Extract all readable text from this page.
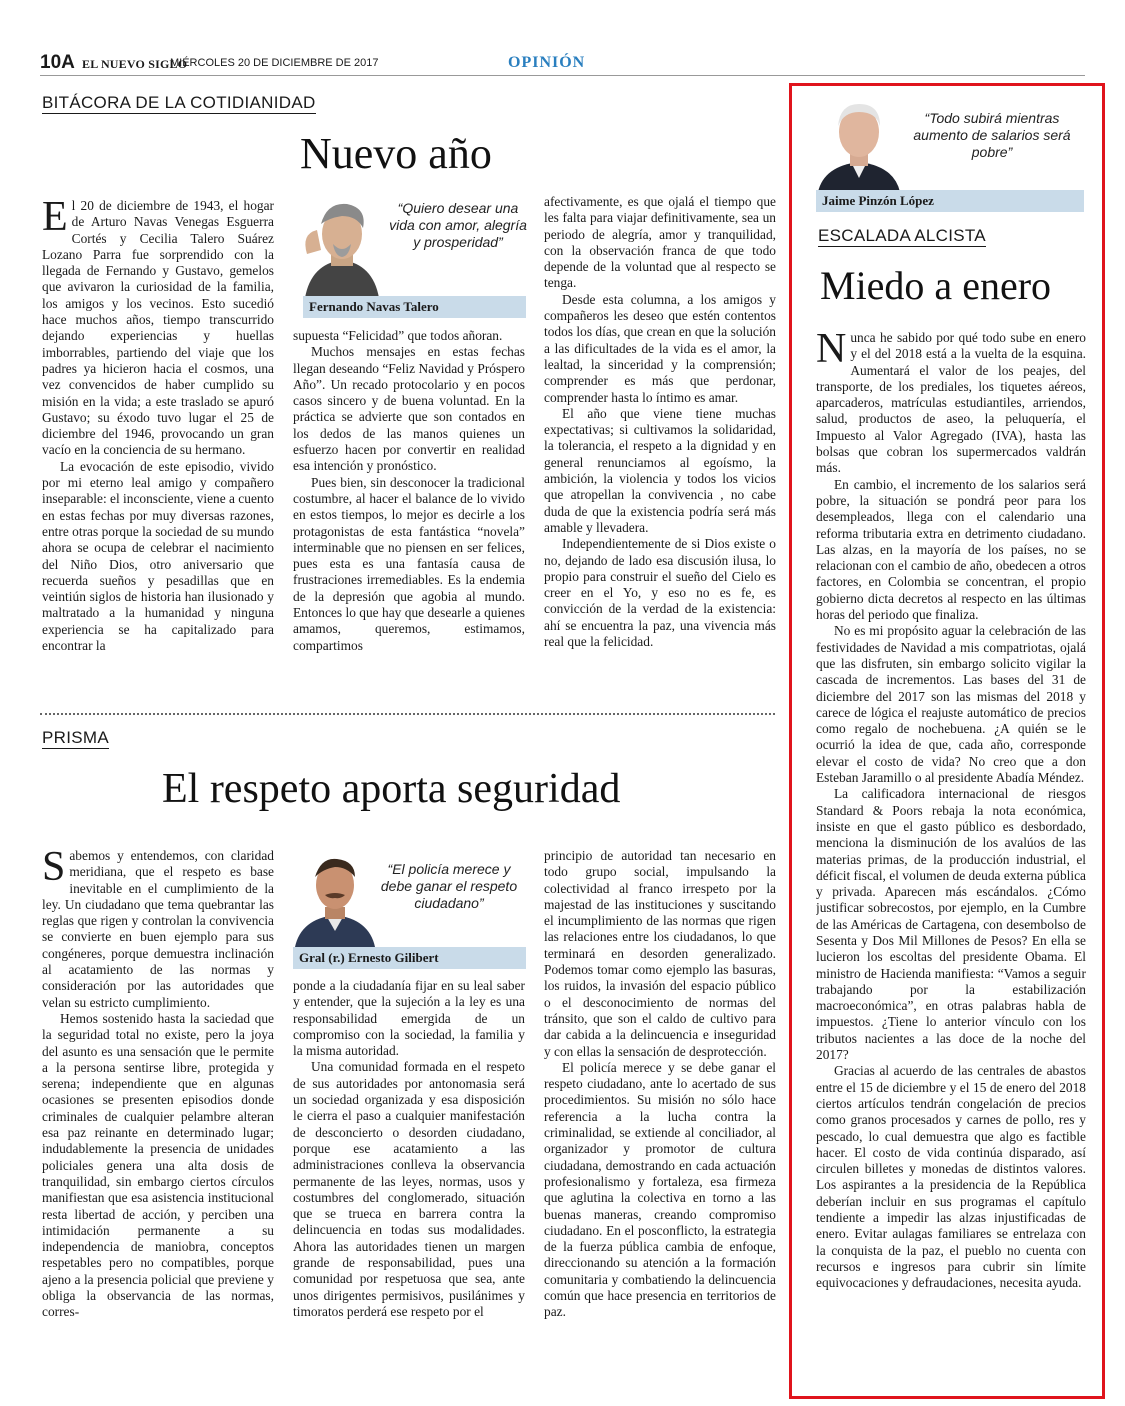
10A EL NUEVO SIGLO
MIÉRCOLES 20 DE DICIEMBRE DE 2017	OPINIÓN
BITÁCORA DE LA COTIDIANIDAD
Nuevo año

El 20 de diciembre de 1943, el hogar de Arturo Navas Venegas Esguerra Cortés y Cecilia Talero Suárez Lozano Parra fue sorprendido con la llegada de Fernando y Gustavo, gemelos que avivaron la curiosidad de la familia, los amigos y los vecinos. Esto sucedió hace muchos años, tiempo transcurrido dejando experiencias y huellas imborrables, partiendo del viaje que los padres ya hicieron hacia el cosmos, una vez convencidos de haber cumplido su misión en la vida; a este traslado se apuró Gustavo; su éxodo tuvo lugar el 25 de diciembre del 1946, provocando un gran vacío en la conciencia de su hermano.

La evocación de este episodio, vivido por mi eterno leal amigo y compañero inseparable: el inconsciente, viene a cuento en estas fechas por muy diversas razones, entre otras porque la sociedad de su mundo ahora se ocupa de celebrar el nacimiento del Niño Dios, otro aniversario que recuerda sueños y pesadillas que en veintiún siglos de historia han ilusionado y maltratado a la humanidad y ninguna experiencia se ha capitalizado para encontrar la

“Quiero desear una vida con amor, alegría y prosperidad”
Fernando Navas Talero

supuesta “Felicidad” que todos añoran.

Muchos mensajes en estas fechas llegan deseando “Feliz Navidad y Próspero Año”. Un recado protocolario y en pocos casos sincero y de buena voluntad. En la práctica se advierte que son contados en los dedos de las manos quienes un esfuerzo hacen por convertir en realidad esa intención y pronóstico.

Pues bien, sin desconocer la tradicional costumbre, al hacer el balance de lo vivido en estos tiempos, lo mejor es decirle a los protagonistas de esta fantástica “novela” interminable que no piensen en ser felices, pues esta es una fantasía causa de frustraciones irremediables. Es la endemia de la depresión que agobia al mundo. Entonces lo que hay que desearle a quienes amamos, queremos, estimamos, compartimos

afectivamente, es que ojalá el tiempo que les falta para viajar definitivamente, sea un periodo de alegría, amor y tranquilidad, con la observación franca de que todo depende de la voluntad que al respecto se tenga.

Desde esta columna, a los amigos y compañeros les deseo que estén contentos todos los días, que crean en que la solución a las dificultades de la vida es el amor, la lealtad, la sinceridad y la comprensión; comprender es más que perdonar, comprender hasta lo íntimo es amar.

El año que viene tiene muchas expectativas; si cultivamos la solidaridad, la tolerancia, el respeto a la dignidad y en general renunciamos al egoísmo, la ambición, la violencia y todos los vicios que atropellan la convivencia , no cabe duda de que la existencia podría será más amable y llevadera.

Independientemente de si Dios existe o no, dejando de lado esa discusión ilusa, lo propio para construir el sueño del Cielo es creer en el Yo, y eso no es fe, es convicción de la verdad de la existencia: ahí se encuentra la paz, una vivencia más real que la felicidad.

PRISMA
El respeto aporta seguridad

Sabemos y entendemos, con claridad meridiana, que el respeto es base inevitable en el cumplimiento de la ley. Un ciudadano que tema quebrantar las reglas que rigen y controlan la convivencia se convierte en buen ejemplo para sus congéneres, porque demuestra inclinación al acatamiento de las normas y consideración por las autoridades que velan su estricto cumplimiento.

Hemos sostenido hasta la saciedad que la seguridad total no existe, pero la joya del asunto es una sensación que le permite a la persona sentirse libre, protegida y serena; independiente que en algunas ocasiones se presenten episodios donde criminales de cualquier pelambre alteran esa paz reinante en determinado lugar; indudablemente la presencia de unidades policiales genera una alta dosis de tranquilidad, sin embargo ciertos círculos manifiestan que esa asistencia institucional resta libertad de acción, y perciben una intimidación permanente a su independencia de maniobra, conceptos respetables pero no compatibles, porque ajeno a la presencia policial que previene y obliga la observancia de las normas, corres-

“El policía merece y debe ganar el respeto ciudadano”
Gral (r.) Ernesto Gilibert

ponde a la ciudadanía fijar en su leal saber y entender, que la sujeción a la ley es una responsabilidad emergida de un compromiso con la sociedad, la familia y la misma autoridad.

Una comunidad formada en el respeto de sus autoridades por antonomasia será un sociedad organizada y esa disposición le cierra el paso a cualquier manifestación de desconcierto o desorden ciudadano, porque ese acatamiento a las administraciones conlleva la observancia permanente de las leyes, normas, usos y costumbres del conglomerado, situación que se trueca en barrera contra la delincuencia en todas sus modalidades. Ahora las autoridades tienen un margen grande de responsabilidad, pues una comunidad por respetuosa que sea, ante unos dirigentes permisivos, pusilánimes y timoratos perderá ese respeto por el

principio de autoridad tan necesario en todo grupo social, impulsando la colectividad al franco irrespeto por la majestad de las instituciones y suscitando el incumplimiento de las normas que rigen las relaciones entre los ciudadanos, lo que terminará en desorden generalizado. Podemos tomar como ejemplo las basuras, los ruidos, la invasión del espacio público o el desconocimiento de normas del tránsito, que son el caldo de cultivo para dar cabida a la delincuencia e inseguridad y con ellas la sensación de desprotección.

El policía merece y se debe ganar el respeto ciudadano, ante lo acertado de sus procedimientos. Su misión no sólo hace referencia a la lucha contra la criminalidad, se extiende al conciliador, al organizador y promotor de cultura ciudadana, demostrando en cada actuación profesionalismo y fortaleza, esa firmeza que aglutina la colectiva en torno a las buenas maneras, creando compromiso ciudadano. En el posconflicto, la estrategia de la fuerza pública cambia de enfoque, direccionando su atención a la formación comunitaria y combatiendo la delincuencia común que hace presencia en territorios de paz.

“Todo subirá mientras aumento de salarios será pobre”
Jaime Pinzón López
ESCALADA ALCISTA
Miedo a enero

Nunca he sabido por qué todo sube en enero y el del 2018 está a la vuelta de la esquina. Aumentará el valor de los peajes, del transporte, de los prediales, los tiquetes aéreos, aparcaderos, matrículas estudiantiles, arriendos, salud, productos de aseo, la peluquería, el Impuesto al Valor Agregado (IVA), hasta las bolsas que cobran los supermercados valdrán más.

En cambio, el incremento de los salarios será pobre, la situación se pondrá peor para los desempleados, llega con el calendario una reforma tributaria extra en detrimento ciudadano. Las alzas, en la mayoría de los países, no se relacionan con el cambio de año, obedecen a otros factores, en Colombia se concentran, el propio gobierno dicta decretos al respecto en las últimas horas del periodo que finaliza.

No es mi propósito aguar la celebración de las festividades de Navidad a mis compatriotas, ojalá que las disfruten, sin embargo solicito vigilar la cascada de incrementos. Las bases del 31 de diciembre del 2017 son las mismas del 2018 y carece de lógica el reajuste automático de precios como regalo de nochebuena. ¿A quién se le ocurrió la idea de que, cada año, corresponde elevar el costo de vida? No creo que a don Esteban Jaramillo o al presidente Abadía Méndez.

La calificadora internacional de riesgos Standard & Poors rebaja la nota económica, insiste en que el gasto público es desbordado, menciona la disminución de los avalúos de las materias primas, de la producción industrial, el déficit fiscal, el volumen de deuda externa pública y privada. Aparecen más escándalos. ¿Cómo justificar sobrecostos, por ejemplo, en la Cumbre de las Américas de Cartagena, con desembolso de Sesenta y Dos Mil Millones de Pesos? En ella se lucieron los escoltas del presidente Obama. El ministro de Hacienda manifiesta: “Vamos a seguir trabajando por la estabilización macroeconómica”, en otras palabras habla de impuestos. ¿Tiene lo anterior vínculo con los tributos nacientes a las doce de la noche del 2017?

Gracias al acuerdo de las centrales de abastos entre el 15 de diciembre y el 15 de enero del 2018 ciertos artículos tendrán congelación de precios como granos procesados y carnes de pollo, res y pescado, lo cual demuestra que algo es factible hacer. El costo de vida continúa disparado, así circulen billetes y monedas de distintos valores. Los aspirantes a la presidencia de la República deberían incluir en sus programas el capítulo tendiente a impedir las alzas injustificadas de enero. Evitar aulagas familiares se entrelaza con la conquista de la paz, el pueblo no cuenta con recursos e ingresos para cubrir sin límite equivocaciones y defraudaciones, necesita ayuda.
